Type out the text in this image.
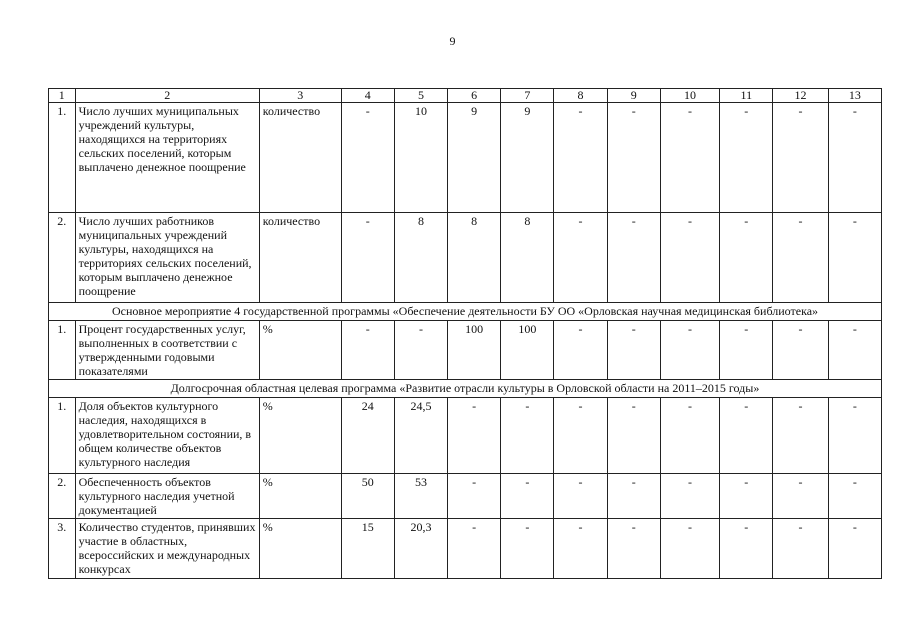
9
1	2	3	4	5	6	7	8	9	10	11	12	13
1.	Число лучших муниципальных учреждений культуры, находящихся на территориях сельских поселений, которым выплачено денежное поощрение	количество	-	10	9	9	-	-	-	-	-	-
2.	Число лучших работников муниципальных учреждений культуры, находящихся на территориях сельских поселений, которым выплачено денежное поощрение	количество	-	8	8	8	-	-	-	-	-	-
Основное мероприятие 4 государственной программы «Обеспечение деятельности БУ ОО «Орловская научная медицинская библиотека»												
1.	Процент государственных услуг, выполненных в соответствии с утвержденными годовыми показателями	%	-	-	100	100	-	-	-	-	-	-
Долгосрочная областная целевая программа «Развитие отрасли культуры в Орловской области на 2011–2015 годы»												
1.	Доля объектов культурного наследия, находящихся в удовлетворительном состоянии, в общем количестве объектов культурного наследия	%	24	24,5	-	-	-	-	-	-	-	-
2.	Обеспеченность объектов культурного наследия учетной документацией	%	50	53	-	-	-	-	-	-	-	-
3.	Количество студентов, принявших участие в областных, всероссийских и международных конкурсах	%	15	20,3	-	-	-	-	-	-	-	-
